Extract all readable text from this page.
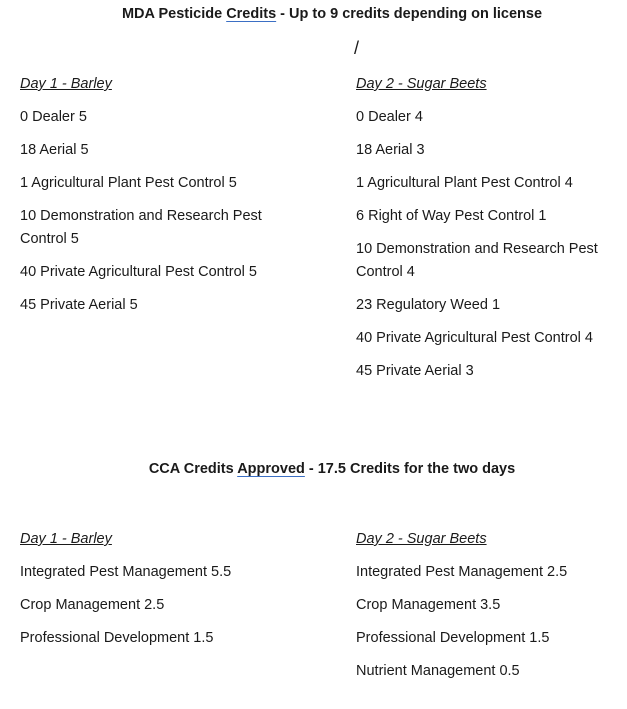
MDA Pesticide Credits - Up to 9 credits depending on license
/

Day 1 - Barley

0 Dealer 5

18 Aerial 5

1 Agricultural Plant Pest Control 5

10 Demonstration and Research Pest Control 5

40 Private Agricultural Pest Control 5

45 Private Aerial 5

Day 2 - Sugar Beets

0 Dealer 4

18 Aerial 3

1 Agricultural Plant Pest Control 4

6 Right of Way Pest Control 1

10 Demonstration and Research Pest Control 4

23 Regulatory Weed 1

40 Private Agricultural Pest Control 4

45 Private Aerial 3

CCA Credits Approved - 17.5 Credits for the two days

Day 1 - Barley

Integrated Pest Management 5.5

Crop Management 2.5

Professional Development 1.5

Day 2 - Sugar Beets

Integrated Pest Management 2.5

Crop Management 3.5

Professional Development 1.5

Nutrient Management 0.5
